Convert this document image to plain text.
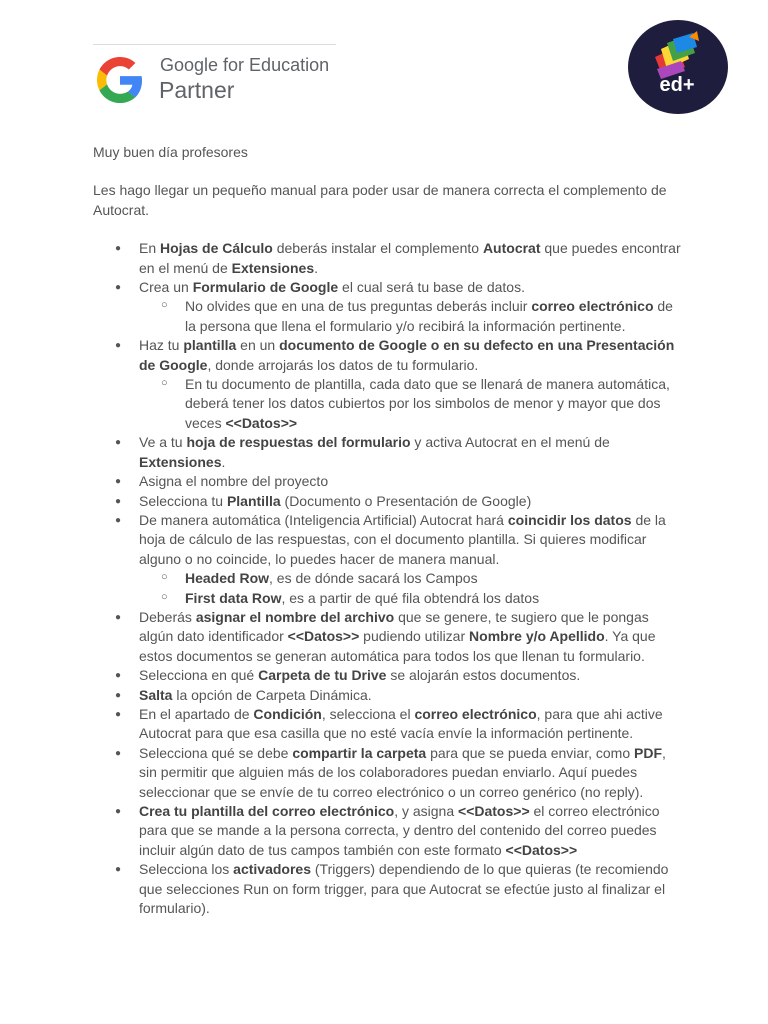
Google for Education
Partner	ed+

Muy buen día profesores

Les hago llegar un pequeño manual para poder usar de manera correcta el complemento de Autocrat.

● En Hojas de Cálculo deberás instalar el complemento Autocrat que puedes encontrar en el menú de Extensiones.
● Crea un Formulario de Google el cual será tu base de datos.
○ No olvides que en una de tus preguntas deberás incluir correo electrónico de la persona que llena el formulario y/o recibirá la información pertinente.
● Haz tu plantilla en un documento de Google o en su defecto en una Presentación de Google, donde arrojarás los datos de tu formulario.
○ En tu documento de plantilla, cada dato que se llenará de manera automática, deberá tener los datos cubiertos por los simbolos de menor y mayor que dos veces <<Datos>>
● Ve a tu hoja de respuestas del formulario y activa Autocrat en el menú de Extensiones.
● Asigna el nombre del proyecto
● Selecciona tu Plantilla (Documento o Presentación de Google)
● De manera automática (Inteligencia Artificial) Autocrat hará coincidir los datos de la hoja de cálculo de las respuestas, con el documento plantilla. Si quieres modificar alguno o no coincide, lo puedes hacer de manera manual.
○ Headed Row, es de dónde sacará los Campos
○ First data Row, es a partir de qué fila obtendrá los datos
● Deberás asignar el nombre del archivo que se genere, te sugiero que le pongas algún dato identificador <<Datos>> pudiendo utilizar Nombre y/o Apellido. Ya que estos documentos se generan automática para todos los que llenan tu formulario.
● Selecciona en qué Carpeta de tu Drive se alojarán estos documentos.
● Salta la opción de Carpeta Dinámica.
● En el apartado de Condición, selecciona el correo electrónico, para que ahi active Autocrat para que esa casilla que no esté vacía envíe la información pertinente.
● Selecciona qué se debe compartir la carpeta para que se pueda enviar, como PDF, sin permitir que alguien más de los colaboradores puedan enviarlo. Aquí puedes seleccionar que se envíe de tu correo electrónico o un correo genérico (no reply).
● Crea tu plantilla del correo electrónico, y asigna <<Datos>> el correo electrónico para que se mande a la persona correcta, y dentro del contenido del correo puedes incluir algún dato de tus campos también con este formato <<Datos>>
● Selecciona los activadores (Triggers) dependiendo de lo que quieras (te recomiendo que selecciones Run on form trigger, para que Autocrat se efectúe justo al finalizar el formulario).
